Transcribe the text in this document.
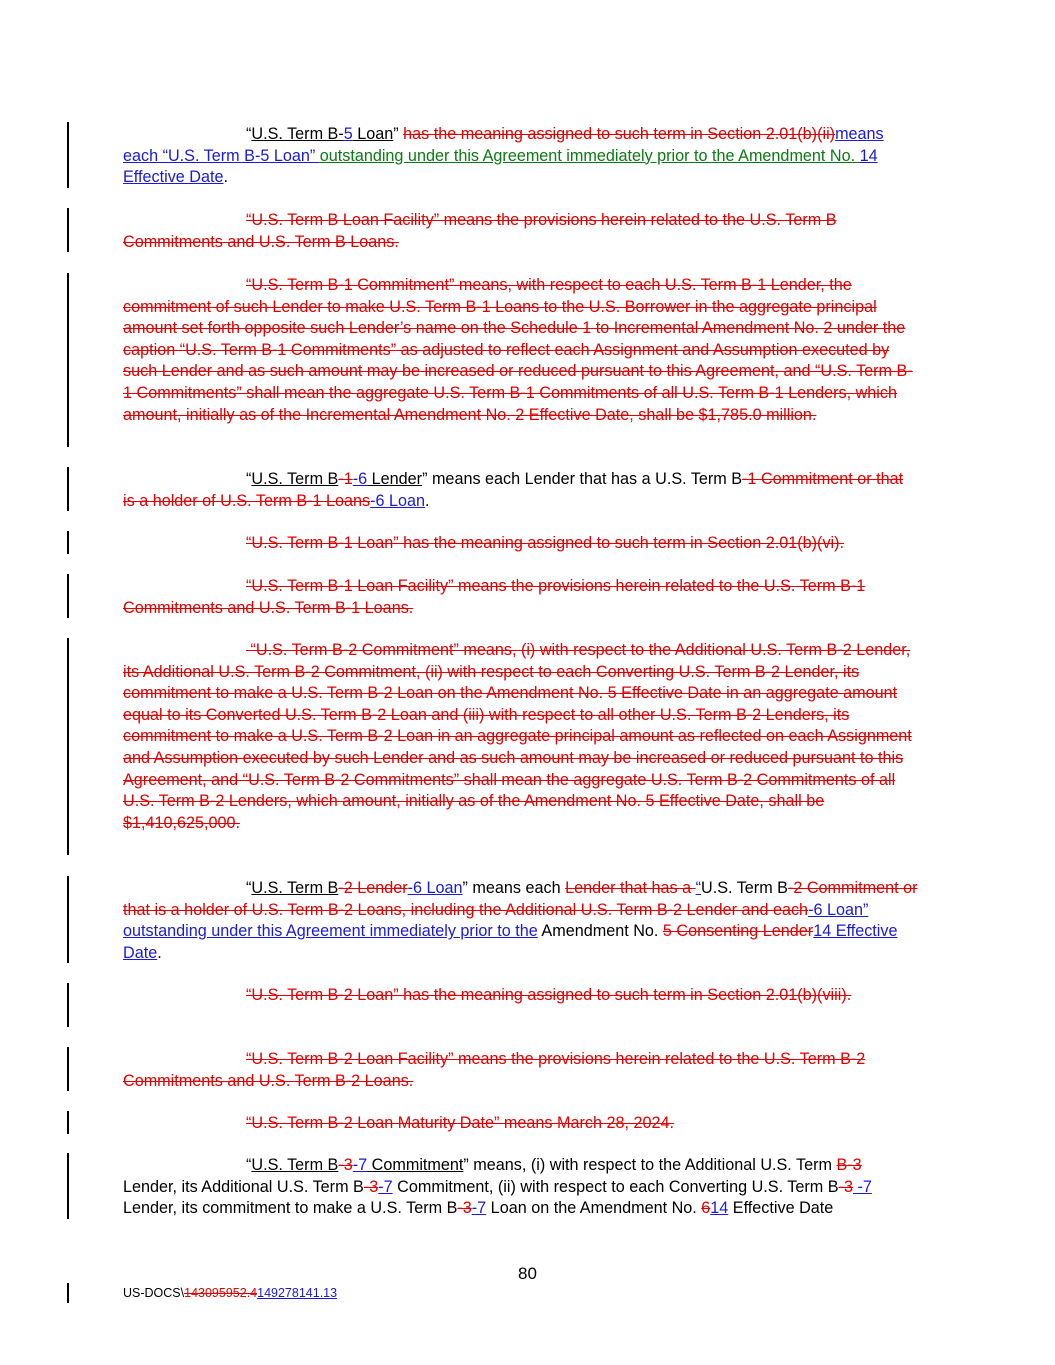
“U.S. Term B-5 Loan” has the meaning assigned to such term in Section 2.01(b)(ii)means each “U.S. Term B-5 Loan” outstanding under this Agreement immediately prior to the Amendment No. 14 Effective Date.
“U.S. Term B Loan Facility” means the provisions herein related to the U.S. Term B Commitments and U.S. Term B Loans.
“U.S. Term B-1 Commitment” means, with respect to each U.S. Term B-1 Lender, the commitment of such Lender to make U.S. Term B-1 Loans to the U.S. Borrower in the aggregate principal amount set forth opposite such Lender’s name on the Schedule 1 to Incremental Amendment No. 2 under the caption “U.S. Term B-1 Commitments” as adjusted to reflect each Assignment and Assumption executed by such Lender and as such amount may be increased or reduced pursuant to this Agreement, and “U.S. Term B-1 Commitments” shall mean the aggregate U.S. Term B-1 Commitments of all U.S. Term B-1 Lenders, which amount, initially as of the Incremental Amendment No. 2 Effective Date, shall be $1,785.0 million.
“U.S. Term B-1-6 Lender” means each Lender that has a U.S. Term B-1 Commitment or that is a holder of U.S. Term B-1 Loans-6 Loan.
“U.S. Term B-1 Loan” has the meaning assigned to such term in Section 2.01(b)(vi).
“U.S. Term B-1 Loan Facility” means the provisions herein related to the U.S. Term B-1 Commitments and U.S. Term B-1 Loans.
“U.S. Term B-2 Commitment” means, (i) with respect to the Additional U.S. Term B-2 Lender, its Additional U.S. Term B-2 Commitment, (ii) with respect to each Converting U.S. Term B-2 Lender, its commitment to make a U.S. Term B-2 Loan on the Amendment No. 5 Effective Date in an aggregate amount equal to its Converted U.S. Term B-2 Loan and (iii) with respect to all other U.S. Term B-2 Lenders, its commitment to make a U.S. Term B-2 Loan in an aggregate principal amount as reflected on each Assignment and Assumption executed by such Lender and as such amount may be increased or reduced pursuant to this Agreement, and “U.S. Term B-2 Commitments” shall mean the aggregate U.S. Term B-2 Commitments of all U.S. Term B-2 Lenders, which amount, initially as of the Amendment No. 5 Effective Date, shall be $1,410,625,000.
“U.S. Term B-2 Lender-6 Loan” means each Lender that has a “U.S. Term B-2 Commitment or that is a holder of U.S. Term B-2 Loans, including the Additional U.S. Term B-2 Lender and each-6 Loan” outstanding under this Agreement immediately prior to the Amendment No. 5 Consenting Lender14 Effective Date.
“U.S. Term B-2 Loan” has the meaning assigned to such term in Section 2.01(b)(viii).
“U.S. Term B-2 Loan Facility” means the provisions herein related to the U.S. Term B-2 Commitments and U.S. Term B-2 Loans.
“U.S. Term B-2 Loan Maturity Date” means March 28, 2024.
“U.S. Term B-3-7 Commitment” means, (i) with respect to the Additional U.S. Term B-3 Lender, its Additional U.S. Term B-3-7 Commitment, (ii) with respect to each Converting U.S. Term B-3 -7 Lender, its commitment to make a U.S. Term B-3-7 Loan on the Amendment No. 614 Effective Date
80
US-DOCS\143095952.4149278141.13
